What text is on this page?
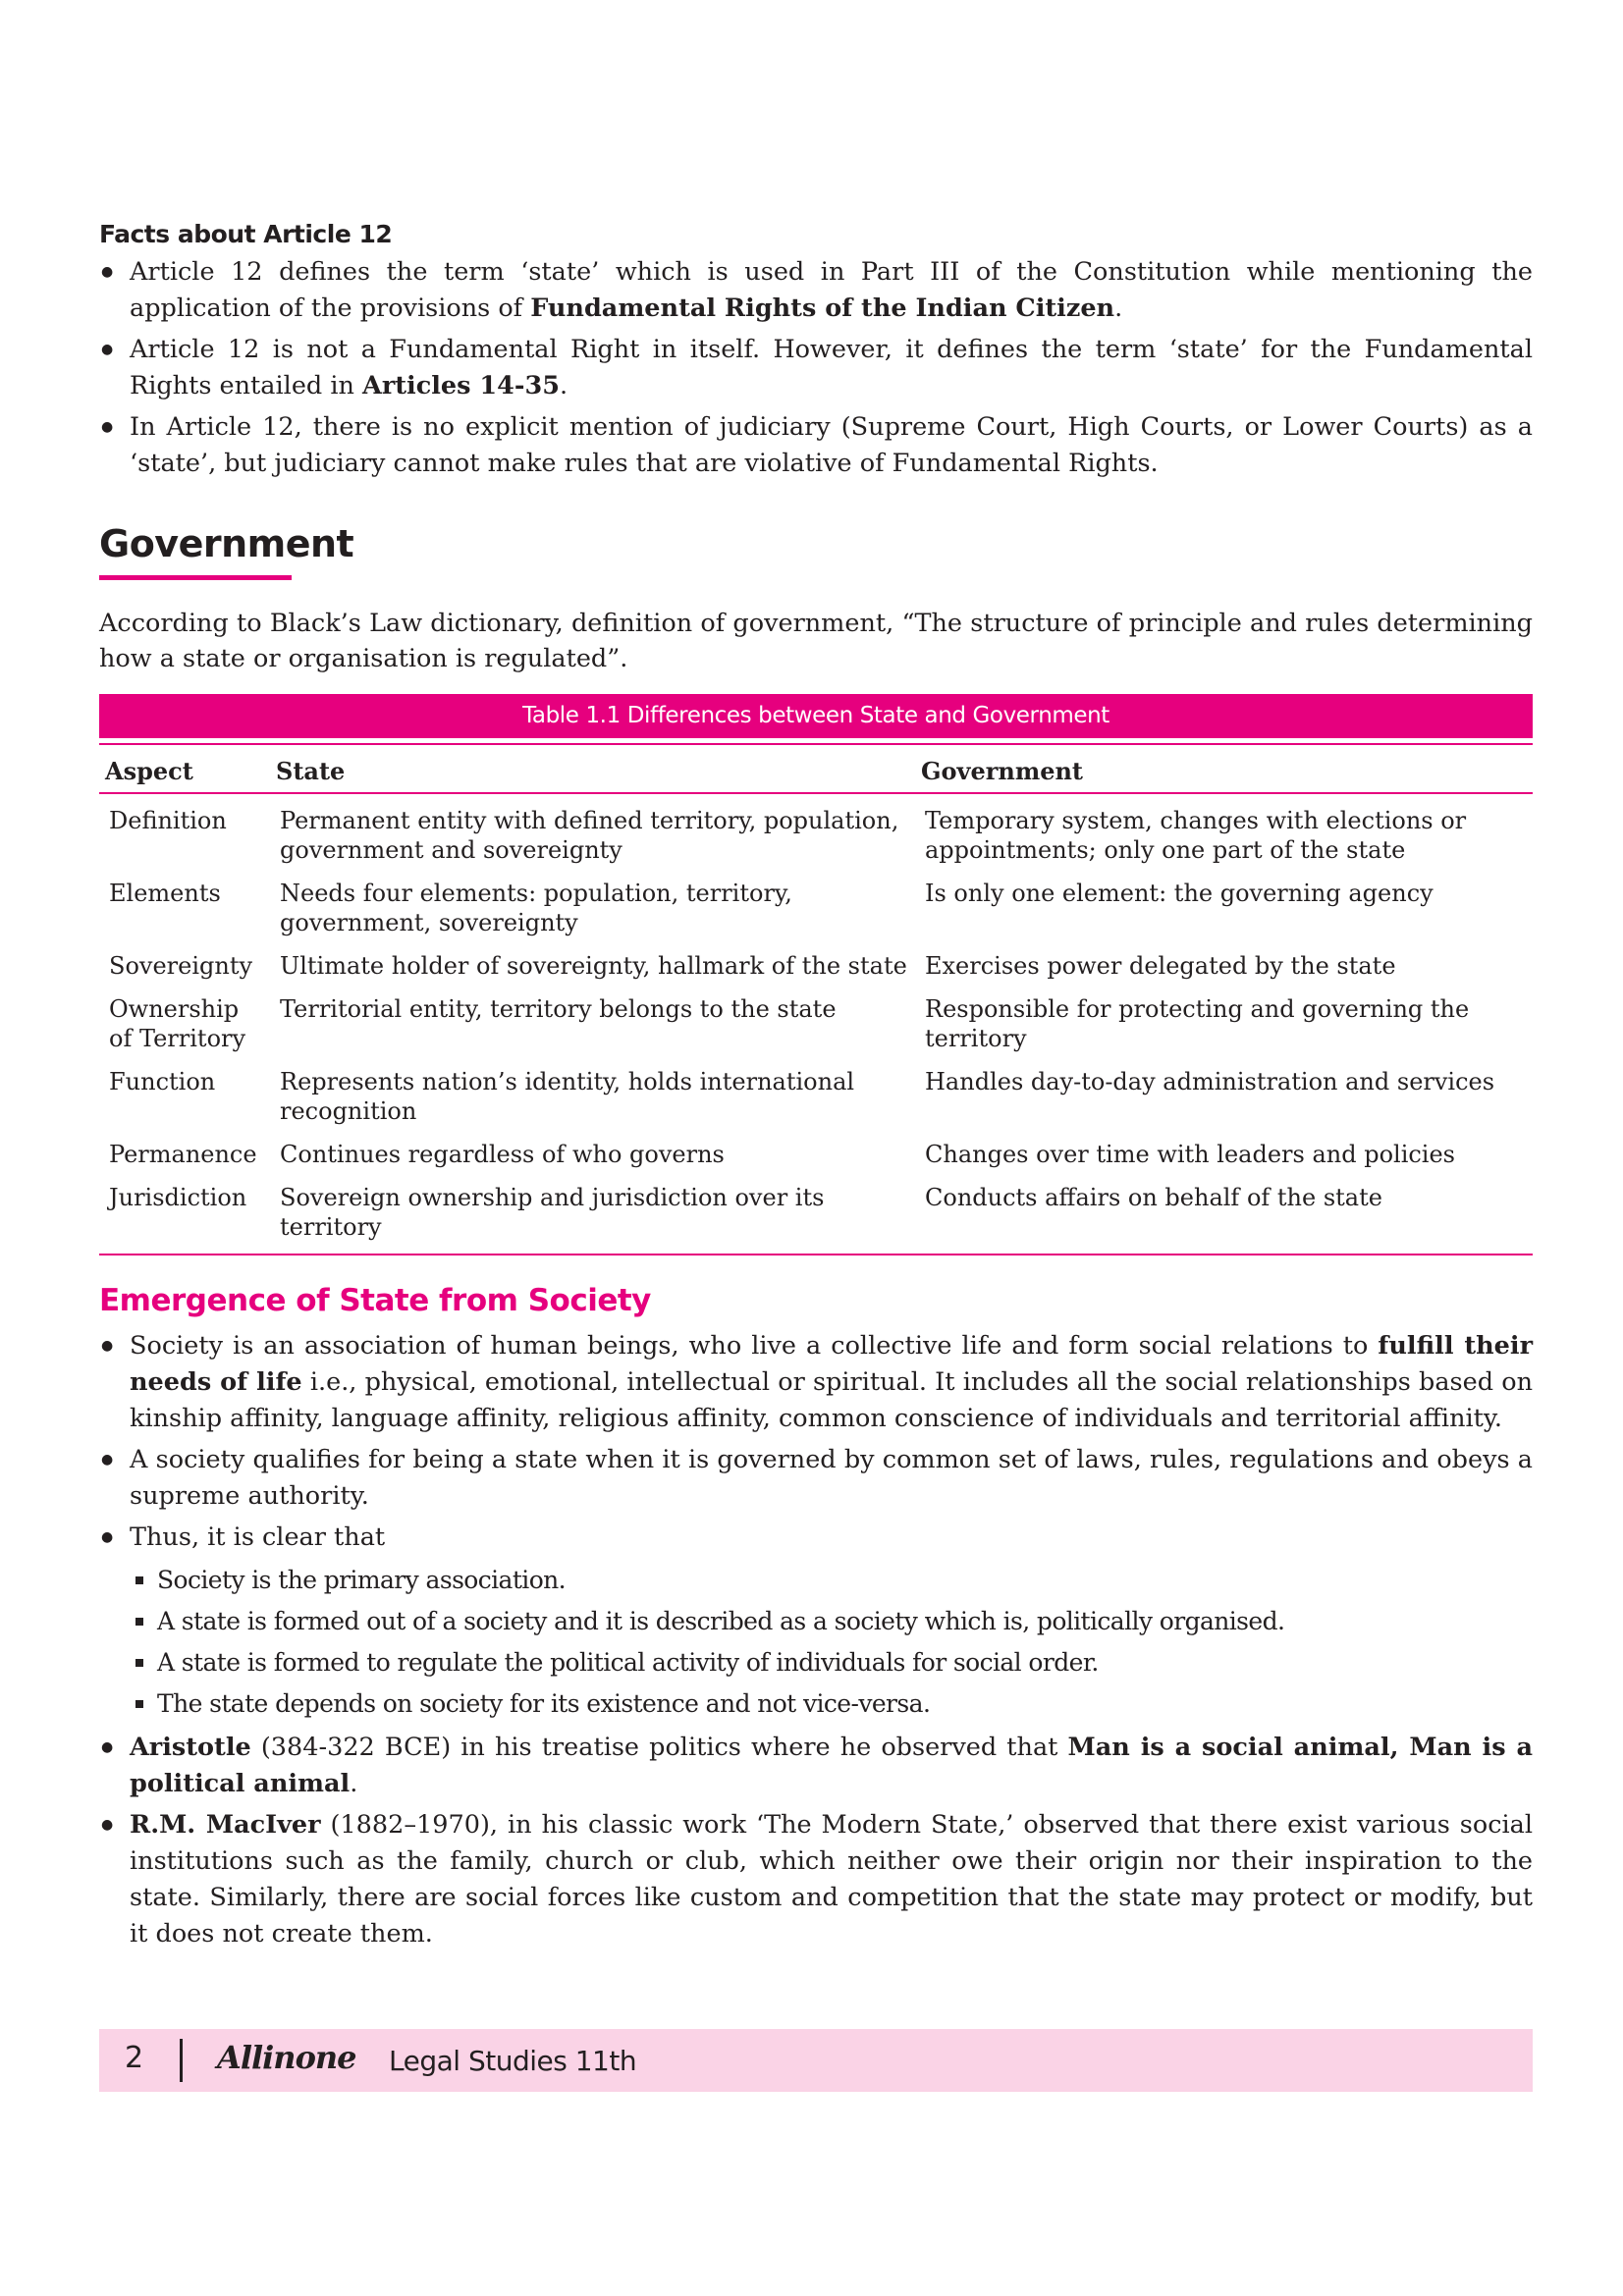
Facts about Article 12
● Article 12 defines the term ‘state’ which is used in Part III of the Constitution while mentioning the application of the provisions of Fundamental Rights of the Indian Citizen.
● Article 12 is not a Fundamental Right in itself. However, it defines the term ‘state’ for the Fundamental Rights entailed in Articles 14-35.
● In Article 12, there is no explicit mention of judiciary (Supreme Court, High Courts, or Lower Courts) as a ‘state’, but judiciary cannot make rules that are violative of Fundamental Rights.
Government

According to Black’s Law dictionary, definition of government, “The structure of principle and rules determining how a state or organisation is regulated”.

Table 1.1 Differences between State and Government
Aspect	State	Government
Definition	Permanent entity with defined territory, population, government and sovereignty	Temporary system, changes with elections or appointments; only one part of the state
Elements	Needs four elements: population, territory, government, sovereignty	Is only one element: the governing agency
Sovereignty	Ultimate holder of sovereignty, hallmark of the state	Exercises power delegated by the state
Ownership of Territory	Territorial entity, territory belongs to the state	Responsible for protecting and governing the territory
Function	Represents nation’s identity, holds international recognition	Handles day-to-day administration and services
Permanence	Continues regardless of who governs	Changes over time with leaders and policies
Jurisdiction	Sovereign ownership and jurisdiction over its territory	Conducts affairs on behalf of the state
Emergence of State from Society
● Society is an association of human beings, who live a collective life and form social relations to fulfill their needs of life i.e., physical, emotional, intellectual or spiritual. It includes all the social relationships based on kinship affinity, language affinity, religious affinity, common conscience of individuals and territorial affinity.
● A society qualifies for being a state when it is governed by common set of laws, rules, regulations and obeys a supreme authority.
● Thus, it is clear that
Society is the primary association.
A state is formed out of a society and it is described as a society which is, politically organised.
A state is formed to regulate the political activity of individuals for social order.
The state depends on society for its existence and not vice-versa.
● Aristotle (384-322 BCE) in his treatise politics where he observed that Man is a social animal, Man is a political animal.
● R.M. MacIver (1882–1970), in his classic work ‘The Modern State,’ observed that there exist various social institutions such as the family, church or club, which neither owe their origin nor their inspiration to the state. Similarly, there are social forces like custom and competition that the state may protect or modify, but it does not create them.
2 Allinone Legal Studies 11th
